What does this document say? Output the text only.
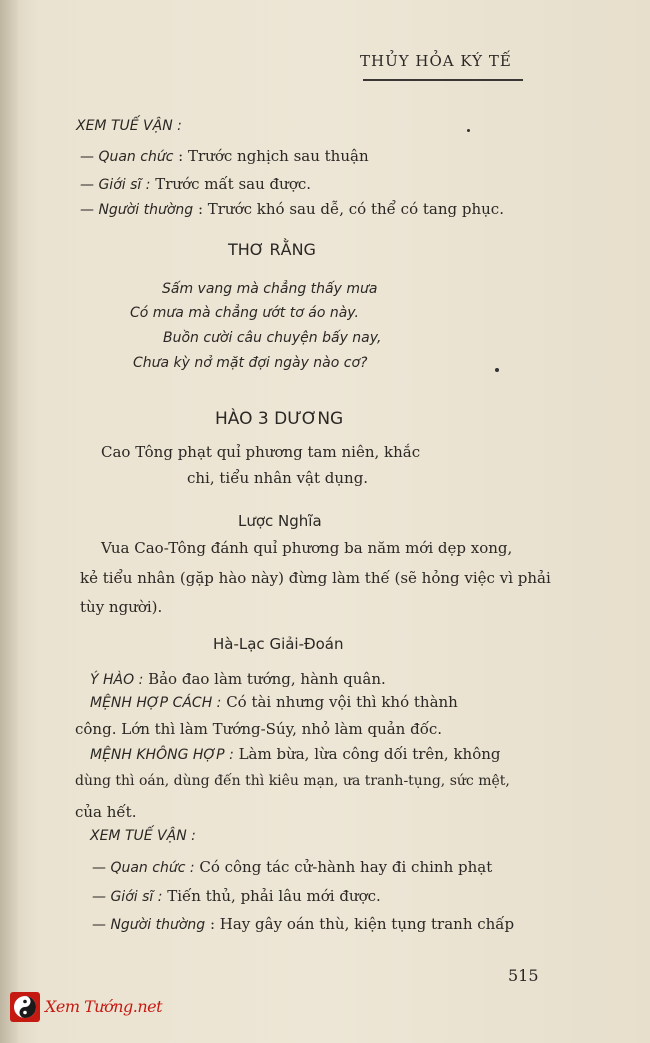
THỦY HỎA KÝ TẾ
XEM TUẾ VẬN :
— Quan chức : Trước nghịch sau thuận
— Giới sĩ : Trước mất sau được.
— Người thường : Trước khó sau dễ, có thể có tang phục.
THƠ RẰNG
Sấm vang mà chẳng thấy mưa
Có mưa mà chẳng ướt tơ áo này.
Buồn cười câu chuyện bấy nay,
Chưa kỳ nở mặt đợi ngày nào cơ?
HÀO 3 DƯƠNG
Cao Tông phạt quỉ phương tam niên, khắc
chi, tiểu nhân vật dụng.
Lược Nghĩa
Vua Cao-Tông đánh quỉ phương ba năm mới dẹp xong,
kẻ tiểu nhân (gặp hào này) đừng làm thế (sẽ hỏng việc vì phải
tùy người).
Hà-Lạc Giải-Đoán
Ý HÀO : Bảo đao làm tướng, hành quân.
MỆNH HỢP CÁCH : Có tài nhưng vội thì khó thành
công. Lớn thì làm Tướng-Súy, nhỏ làm quản đốc.
MỆNH KHÔNG HỢP : Làm bừa, lừa công dối trên, không
dùng thì oán, dùng đến thì kiêu mạn, ưa tranh-tụng, sức mệt,
của hết.
XEM TUẾ VẬN :
— Quan chức : Có công tác cử-hành hay đi chinh phạt
— Giới sĩ : Tiến thủ, phải lâu mới được.
— Người thường : Hay gây oán thù, kiện tụng tranh chấp
515
Xem Tướng.net
